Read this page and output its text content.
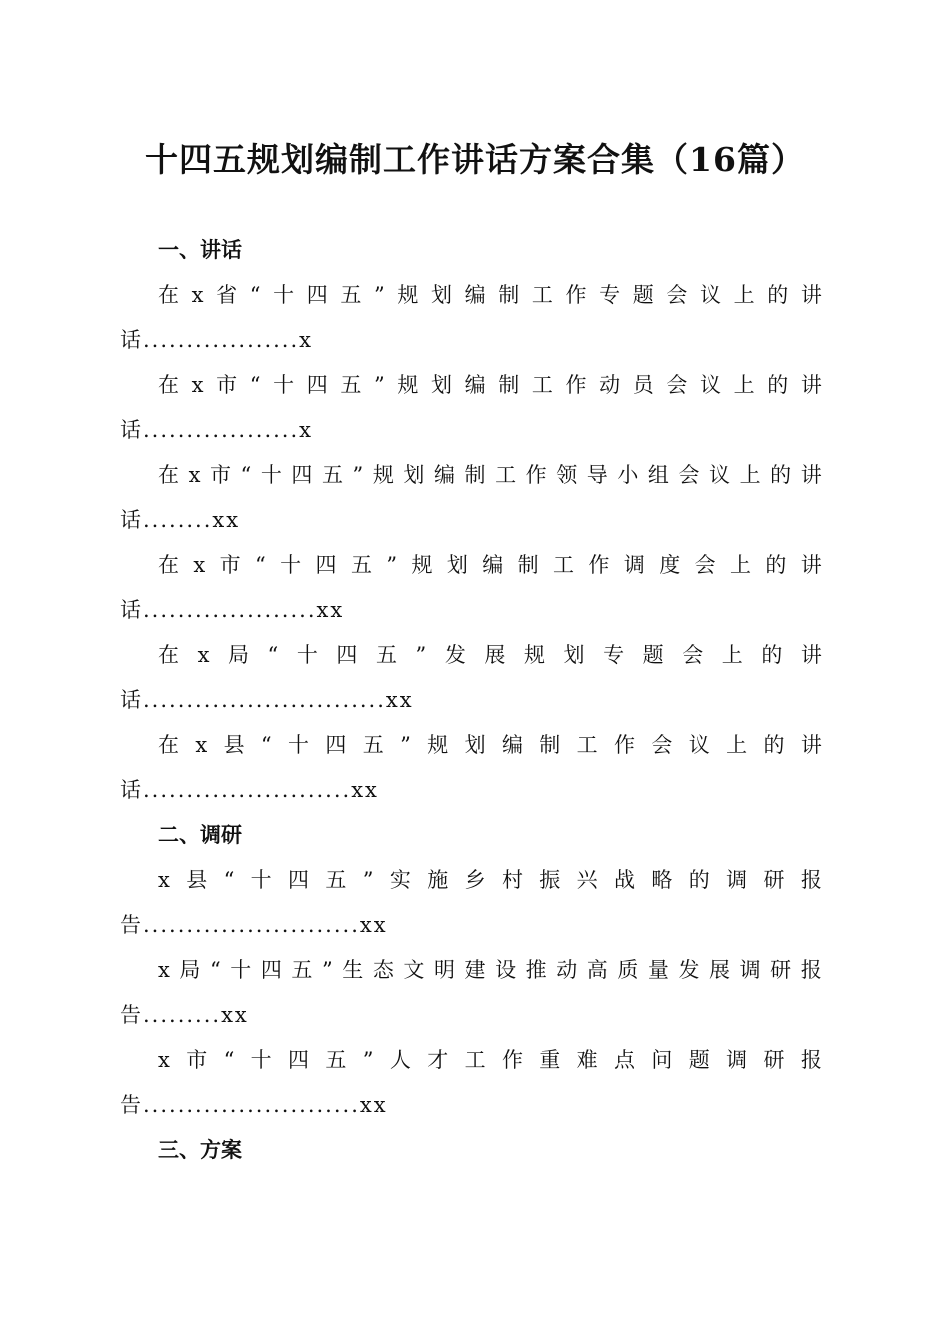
十四五规划编制工作讲话方案合集（16篇）
一、讲话
在 x 省 “ 十 四 五 ” 规 划 编 制 工 作 专 题 会 议 上 的 讲
话..................x
在 x 市 “ 十 四 五 ” 规 划 编 制 工 作 动 员 会 议 上 的 讲
话..................x
在 x 市 “ 十 四 五 ” 规 划 编 制 工 作 领 导 小 组 会 议 上 的 讲
话........xx
在 x 市 “ 十 四 五 ” 规 划 编 制 工 作 调 度 会 上 的 讲
话....................xx
在 x 局 “ 十 四 五 ” 发 展 规 划 专 题 会 上 的 讲
话............................xx
在 x 县 “ 十 四 五 ” 规 划 编 制 工 作 会 议 上 的 讲
话........................xx
二、调研
x 县 “ 十 四 五 ” 实 施 乡 村 振 兴 战 略 的 调 研 报
告.........................xx
x 局 “ 十 四 五 ” 生 态 文 明 建 设 推 动 高 质 量 发 展 调 研 报
告.........xx
x 市 “ 十 四 五 ” 人 才 工 作 重 难 点 问 题 调 研 报
告.........................xx
三、方案
